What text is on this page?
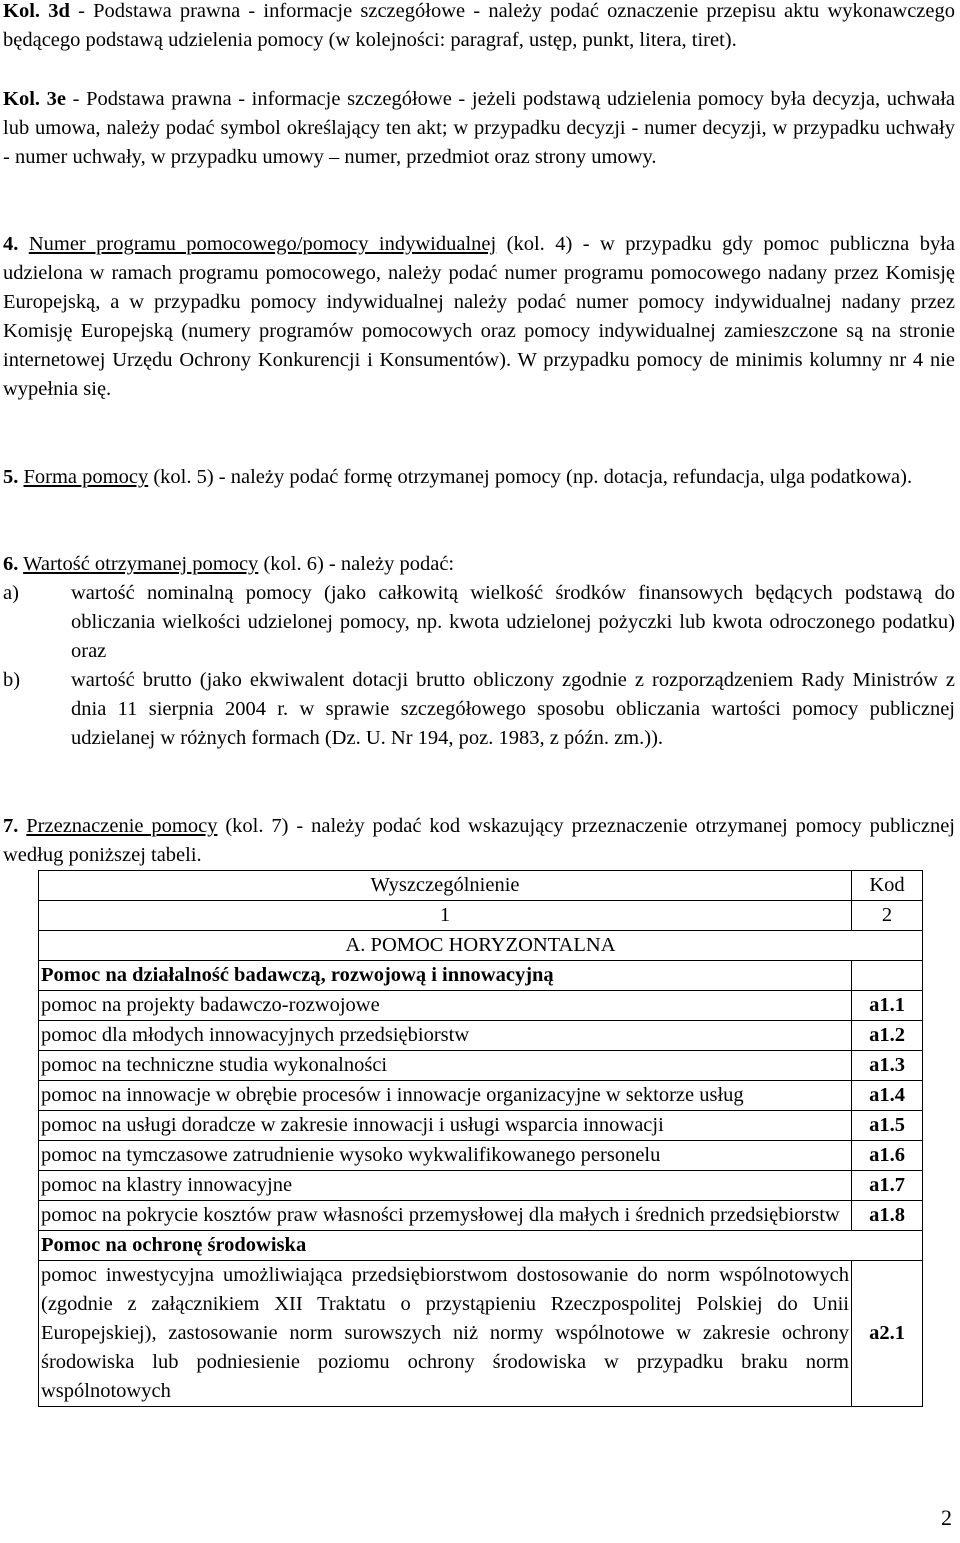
Kol. 3d - Podstawa prawna - informacje szczegółowe - należy podać oznaczenie przepisu aktu wykonawczego będącego podstawą udzielenia pomocy (w kolejności: paragraf, ustęp, punkt, litera, tiret).

Kol. 3e - Podstawa prawna - informacje szczegółowe - jeżeli podstawą udzielenia pomocy była decyzja, uchwała lub umowa, należy podać symbol określający ten akt; w przypadku decyzji - numer decyzji, w przypadku uchwały - numer uchwały, w przypadku umowy – numer, przedmiot oraz strony umowy.

4. Numer programu pomocowego/pomocy indywidualnej (kol. 4) - w przypadku gdy pomoc publiczna była udzielona w ramach programu pomocowego, należy podać numer programu pomocowego nadany przez Komisję Europejską, a w przypadku pomocy indywidualnej należy podać numer pomocy indywidualnej nadany przez Komisję Europejską (numery programów pomocowych oraz pomocy indywidualnej zamieszczone są na stronie internetowej Urzędu Ochrony Konkurencji i Konsumentów). W przypadku pomocy de minimis kolumny nr 4 nie wypełnia się.

5. Forma pomocy (kol. 5) - należy podać formę otrzymanej pomocy (np. dotacja, refundacja, ulga podatkowa).

6. Wartość otrzymanej pomocy (kol. 6) - należy podać:

a)	wartość nominalną pomocy (jako całkowitą wielkość środków finansowych będących podstawą do obliczania wielkości udzielonej pomocy, np. kwota udzielonej pożyczki lub kwota odroczonego podatku) oraz
b)	wartość brutto (jako ekwiwalent dotacji brutto obliczony zgodnie z rozporządzeniem Rady Ministrów z dnia 11 sierpnia 2004 r. w sprawie szczegółowego sposobu obliczania wartości pomocy publicznej udzielanej w różnych formach (Dz. U. Nr 194, poz. 1983, z późn. zm.)).

7. Przeznaczenie pomocy (kol. 7) - należy podać kod wskazujący przeznaczenie otrzymanej pomocy publicznej według poniższej tabeli.

Wyszczególnienie	Kod
1	2
A. POMOC HORYZONTALNA	
Pomoc na działalność badawczą, rozwojową i innowacyjną	
pomoc na projekty badawczo-rozwojowe	a1.1
pomoc dla młodych innowacyjnych przedsiębiorstw	a1.2
pomoc na techniczne studia wykonalności	a1.3
pomoc na innowacje w obrębie procesów i innowacje organizacyjne w sektorze usług	a1.4
pomoc na usługi doradcze w zakresie innowacji i usługi wsparcia innowacji	a1.5
pomoc na tymczasowe zatrudnienie wysoko wykwalifikowanego personelu	a1.6
pomoc na klastry innowacyjne	a1.7
pomoc na pokrycie kosztów praw własności przemysłowej dla małych i średnich przedsiębiorstw	a1.8
Pomoc na ochronę środowiska	
pomoc inwestycyjna umożliwiająca przedsiębiorstwom dostosowanie do norm wspólnotowych (zgodnie z załącznikiem XII Traktatu o przystąpieniu Rzeczpospolitej Polskiej do Unii Europejskiej), zastosowanie norm surowszych niż normy wspólnotowe w zakresie ochrony środowiska lub podniesienie poziomu ochrony środowiska w przypadku braku norm wspólnotowych	a2.1
2
